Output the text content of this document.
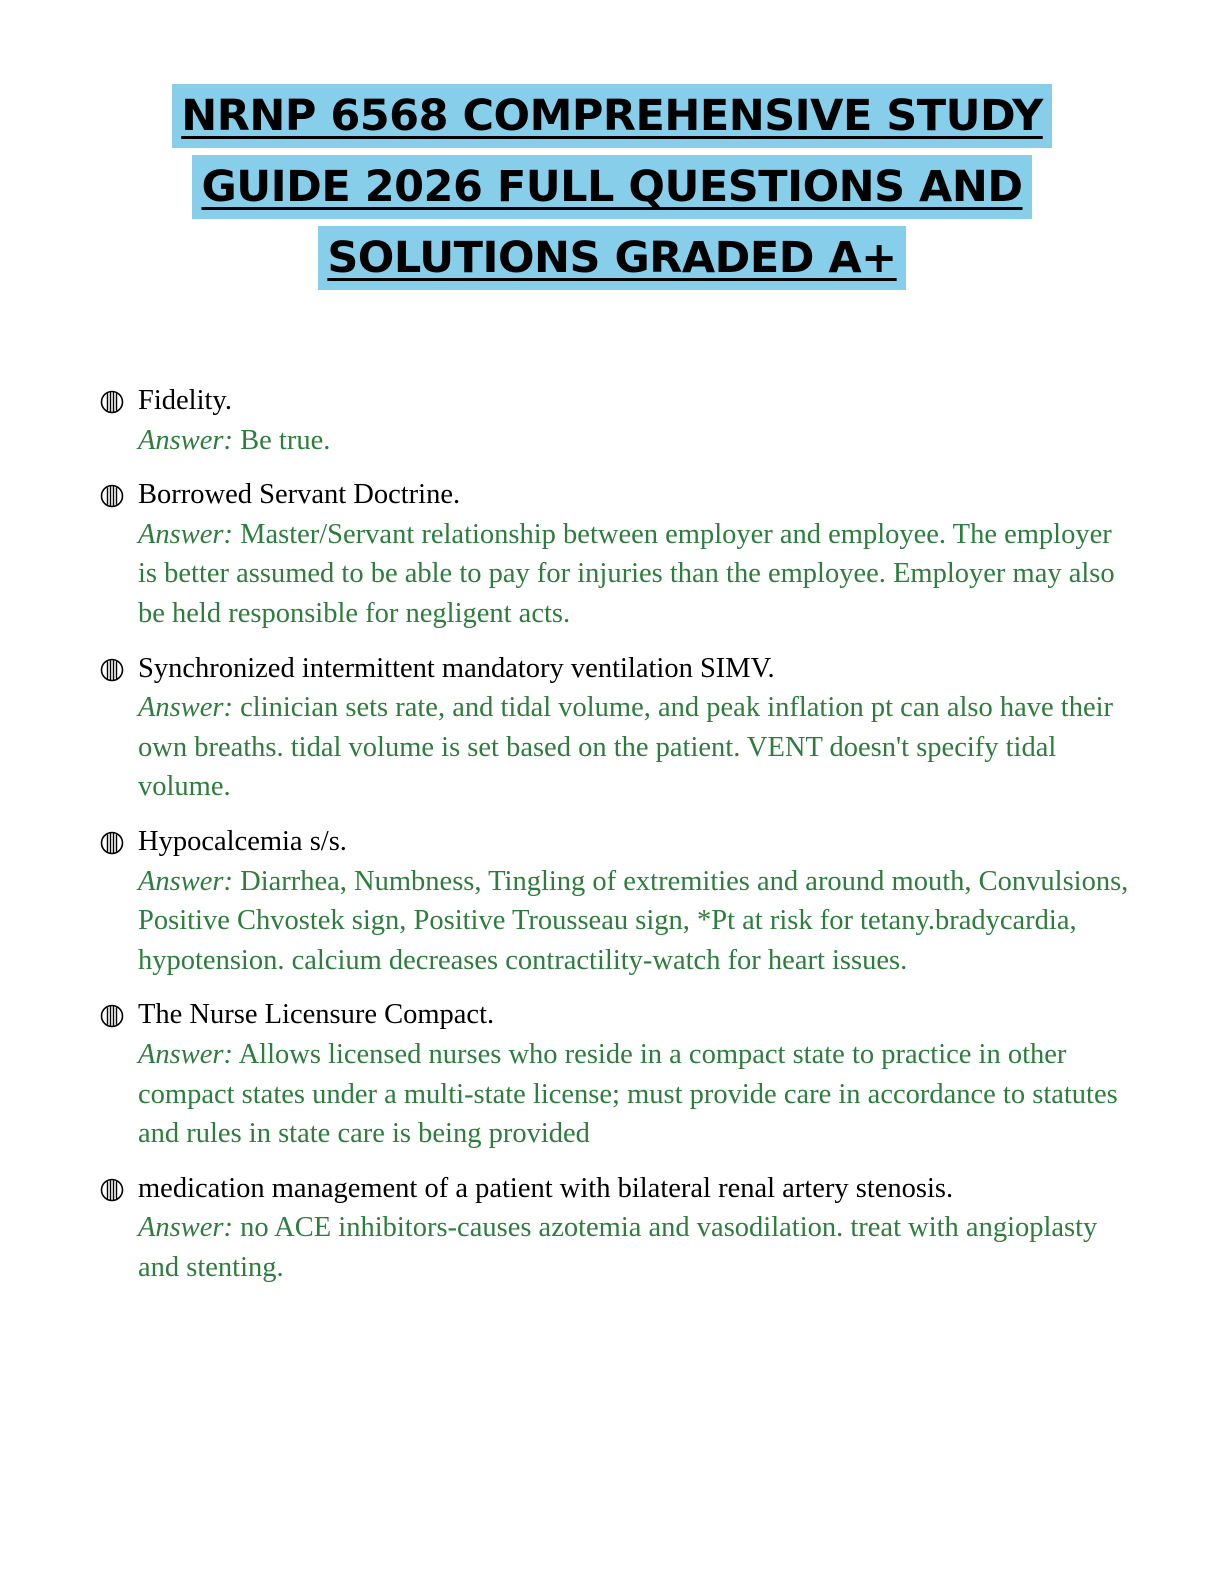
NRNP 6568 COMPREHENSIVE STUDY
GUIDE 2026 FULL QUESTIONS AND
SOLUTIONS GRADED A+
Fidelity.
Answer: Be true.
Borrowed Servant Doctrine.
Answer: Master/Servant relationship between employer and employee. The employer is better assumed to be able to pay for injuries than the employee. Employer may also be held responsible for negligent acts.
Synchronized intermittent mandatory ventilation SIMV.
Answer: clinician sets rate, and tidal volume, and peak inflation pt can also have their own breaths. tidal volume is set based on the patient. VENT doesn't specify tidal volume.
Hypocalcemia s/s.
Answer: Diarrhea, Numbness, Tingling of extremities and around mouth, Convulsions, Positive Chvostek sign, Positive Trousseau sign, *Pt at risk for tetany.bradycardia, hypotension. calcium decreases contractility-watch for heart issues.
The Nurse Licensure Compact.
Answer: Allows licensed nurses who reside in a compact state to practice in other compact states under a multi-state license; must provide care in accordance to statutes and rules in state care is being provided
medication management of a patient with bilateral renal artery stenosis.
Answer: no ACE inhibitors-causes azotemia and vasodilation. treat with angioplasty and stenting.
